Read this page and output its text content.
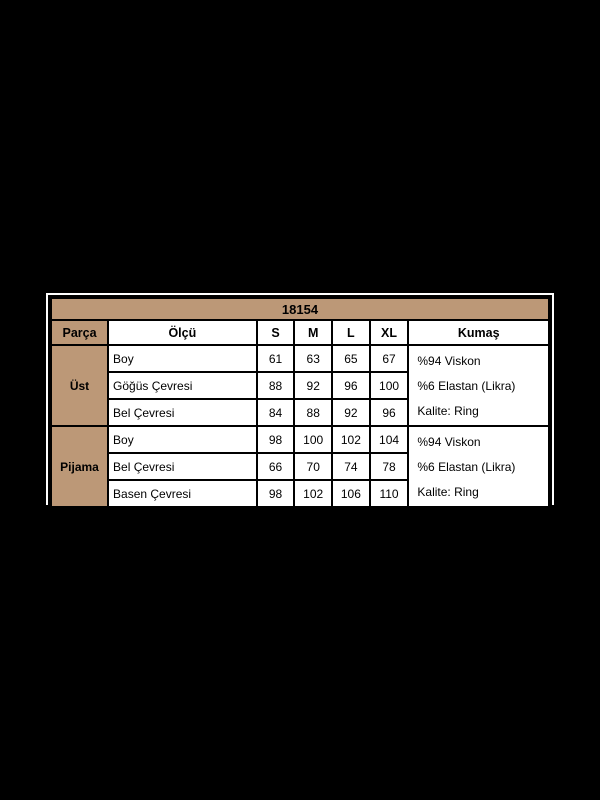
18154						
Parça	Ölçü	S	M	L	XL	Kumaş
Üst	Boy	61	63	65	67	%94 Viskon
%6 Elastan (Likra)
Kalite: Ring

	Göğüs Çevresi	88	92	96	100	
	Bel Çevresi	84	88	92	96	
Pijama	Boy	98	100	102	104	%94 Viskon
%6 Elastan (Likra)
Kalite: Ring

	Bel Çevresi	66	70	74	78	
	Basen Çevresi	98	102	106	110	
